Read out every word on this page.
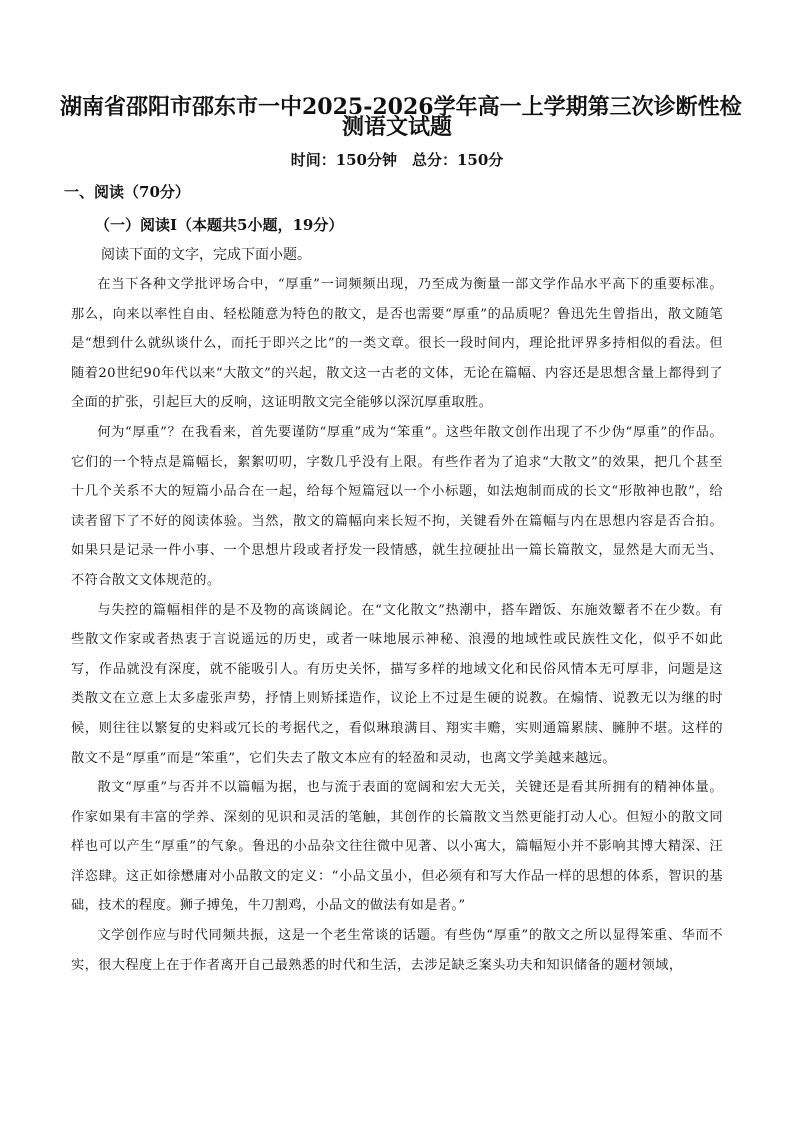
湖南省邵阳市邵东市一中2025-2026学年高一上学期第三次诊断性检
测语文试题
时间：150分钟　总分：150分
一、阅读（70分）
（一）阅读Ⅰ（本题共5小题，19分）
阅读下面的文字，完成下面小题。

在当下各种文学批评场合中，“厚重”一词频频出现，乃至成为衡量一部文学作品水平高下的重要标准。那么，向来以率性自由、轻松随意为特色的散文，是否也需要“厚重”的品质呢？鲁迅先生曾指出，散文随笔是“想到什么就纵谈什么，而托于即兴之比”的一类文章。很长一段时间内，理论批评界多持相似的看法。但随着20世纪90年代以来“大散文”的兴起，散文这一古老的文体，无论在篇幅、内容还是思想含量上都得到了全面的扩张，引起巨大的反响，这证明散文完全能够以深沉厚重取胜。

何为“厚重”？在我看来，首先要谨防“厚重”成为“笨重”。这些年散文创作出现了不少伪“厚重”的作品。它们的一个特点是篇幅长，絮絮叨叨，字数几乎没有上限。有些作者为了追求“大散文”的效果，把几个甚至十几个关系不大的短篇小品合在一起，给每个短篇冠以一个小标题，如法炮制而成的长文“形散神也散”，给读者留下了不好的阅读体验。当然，散文的篇幅向来长短不拘，关键看外在篇幅与内在思想内容是否合拍。如果只是记录一件小事、一个思想片段或者抒发一段情感，就生拉硬扯出一篇长篇散文，显然是大而无当、不符合散文文体规范的。

与失控的篇幅相伴的是不及物的高谈阔论。在“文化散文”热潮中，搭车蹭饭、东施效颦者不在少数。有些散文作家或者热衷于言说遥远的历史，或者一味地展示神秘、浪漫的地域性或民族性文化，似乎不如此写，作品就没有深度，就不能吸引人。有历史关怀，描写多样的地域文化和民俗风情本无可厚非，问题是这类散文在立意上太多虚张声势，抒情上则矫揉造作，议论上不过是生硬的说教。在煽情、说教无以为继的时候，则往往以繁复的史料或冗长的考据代之，看似琳琅满目、翔实丰赡，实则通篇累牍、臃肿不堪。这样的散文不是“厚重”而是“笨重”，它们失去了散文本应有的轻盈和灵动，也离文学美越来越远。

散文“厚重”与否并不以篇幅为据，也与流于表面的宽阔和宏大无关，关键还是看其所拥有的精神体量。作家如果有丰富的学养、深刻的见识和灵活的笔触，其创作的长篇散文当然更能打动人心。但短小的散文同样也可以产生“厚重”的气象。鲁迅的小品杂文往往微中见著、以小寓大，篇幅短小并不影响其博大精深、汪洋恣肆。这正如徐懋庸对小品散文的定义：“小品文虽小，但必须有和写大作品一样的思想的体系，智识的基础，技术的程度。狮子搏兔，牛刀割鸡，小品文的做法有如是者。”

文学创作应与时代同频共振，这是一个老生常谈的话题。有些伪“厚重”的散文之所以显得笨重、华而不实，很大程度上在于作者离开自己最熟悉的时代和生活，去涉足缺乏案头功夫和知识储备的题材领域，
